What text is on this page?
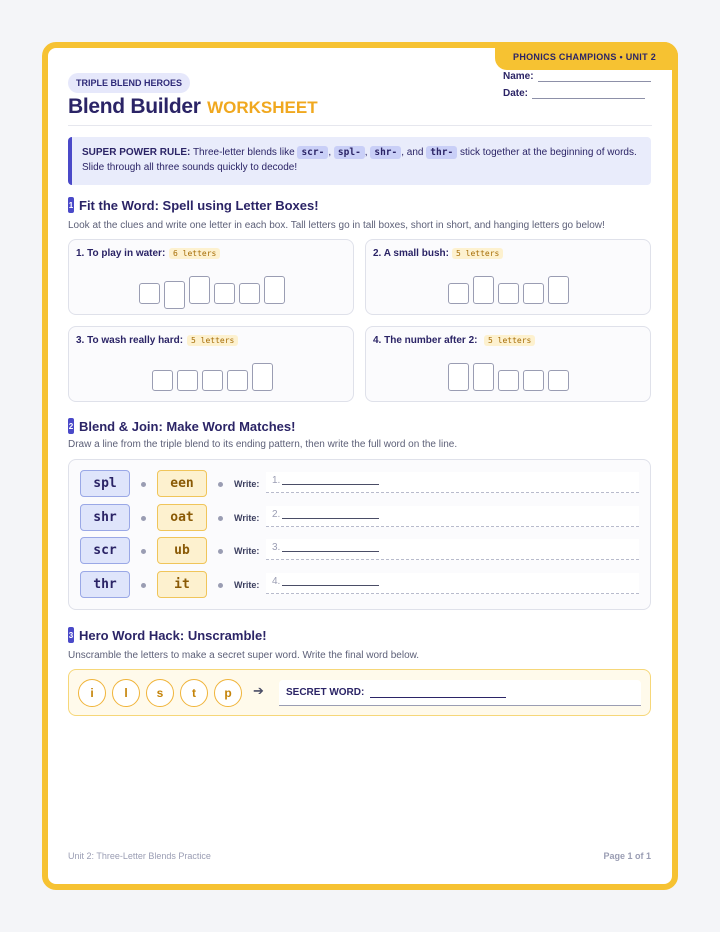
PHONICS CHAMPIONS • UNIT 2
TRIPLE BLEND HEROES
Blend Builder WORKSHEET
Name:
Date:
SUPER POWER RULE: Three-letter blends like scr- , spl- , shr- , and thr- stick together at the beginning of words. Slide through all three sounds quickly to decode!
1 Fit the Word: Spell using Letter Boxes!
Look at the clues and write one letter in each box. Tall letters go in tall boxes, short in short, and hanging letters go below!
1. To play in water: 6 letters	2. A small bush: 5 letters
3. To wash really hard: 5 letters	4. The number after 2:	5 letters
2 Blend & Join: Make Word Matches!
Draw a line from the triple blend to its ending pattern, then write the full word on the line.
spl	een	Write: 1.
shr	oat	Write: 2.
scr	ub	Write: 3.
thr	it	Write: 4.
3 Hero Word Hack: Unscramble!
Unscramble the letters to make a secret super word. Write the final word below.
i	l	s	t	p	➔ SECRET WORD:
Unit 2: Three-Letter Blends Practice	Page 1 of 1
